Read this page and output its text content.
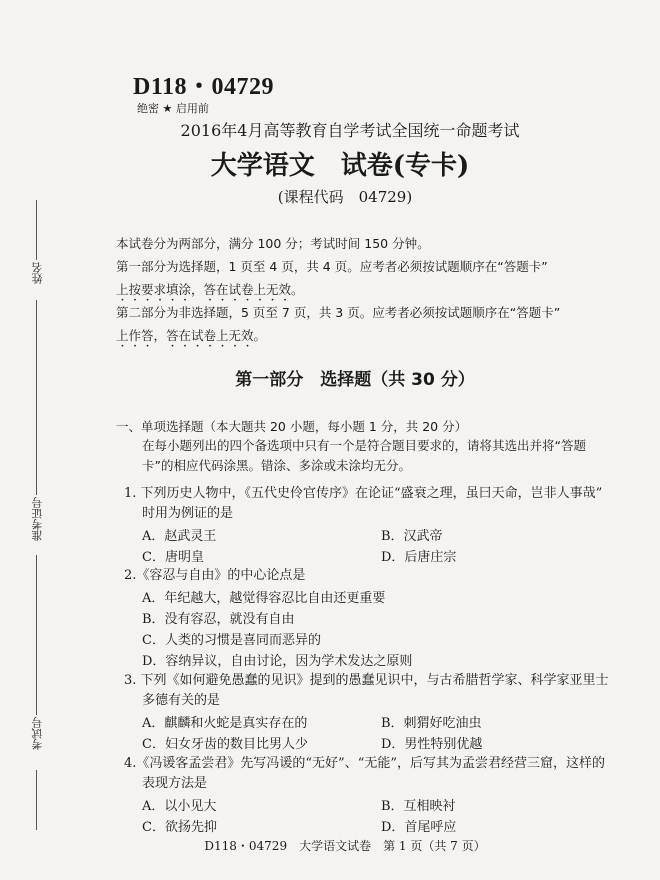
D118・04729
绝密 ★ 启用前
2016年4月高等教育自学考试全国统一命题考试
大学语文　试卷(专卡)
(课程代码　04729)
姓名
准考证号
考试号
本试卷分为两部分，满分 100 分；考试时间 150 分钟。
第一部分为选择题，1 页至 4 页，共 4 页。应考者必须按试题顺序在“答题卡”
上按要求填涂，答在试卷上无效。
第二部分为非选择题，5 页至 7 页，共 3 页。应考者必须按试题顺序在“答题卡”
上作答，答在试卷上无效。
第一部分　选择题（共 30 分）
一、单项选择题（本大题共 20 小题，每小题 1 分，共 20 分）
在每小题列出的四个备选项中只有一个是符合题目要求的，请将其选出并将“答题卡”的相应代码涂黑。错涂、多涂或未涂均无分。
1. 下列历史人物中，《五代史伶官传序》在论证“盛衰之理，虽曰天命，岂非人事哉”
时用为例证的是
A．赵武灵王	B．汉武帝
C．唐明皇	D．后唐庄宗
2.《容忍与自由》的中心论点是
A．年纪越大，越觉得容忍比自由还更重要
B．没有容忍，就没有自由
C．人类的习惯是喜同而恶异的
D．容纳异议，自由讨论，因为学术发达之原则
3. 下列《如何避免愚蠢的见识》提到的愚蠢见识中，与古希腊哲学家、科学家亚里士
多德有关的是
A．麒麟和火蛇是真实存在的	B．刺猬好吃油虫
C．妇女牙齿的数目比男人少	D．男性特别优越
4.《冯谖客孟尝君》先写冯谖的“无好”、“无能”，后写其为孟尝君经营三窟，这样的
表现方法是
A．以小见大	B．互相映衬
C．欲扬先抑	D．首尾呼应
D118・04729　大学语文试卷　第 1 页（共 7 页）
